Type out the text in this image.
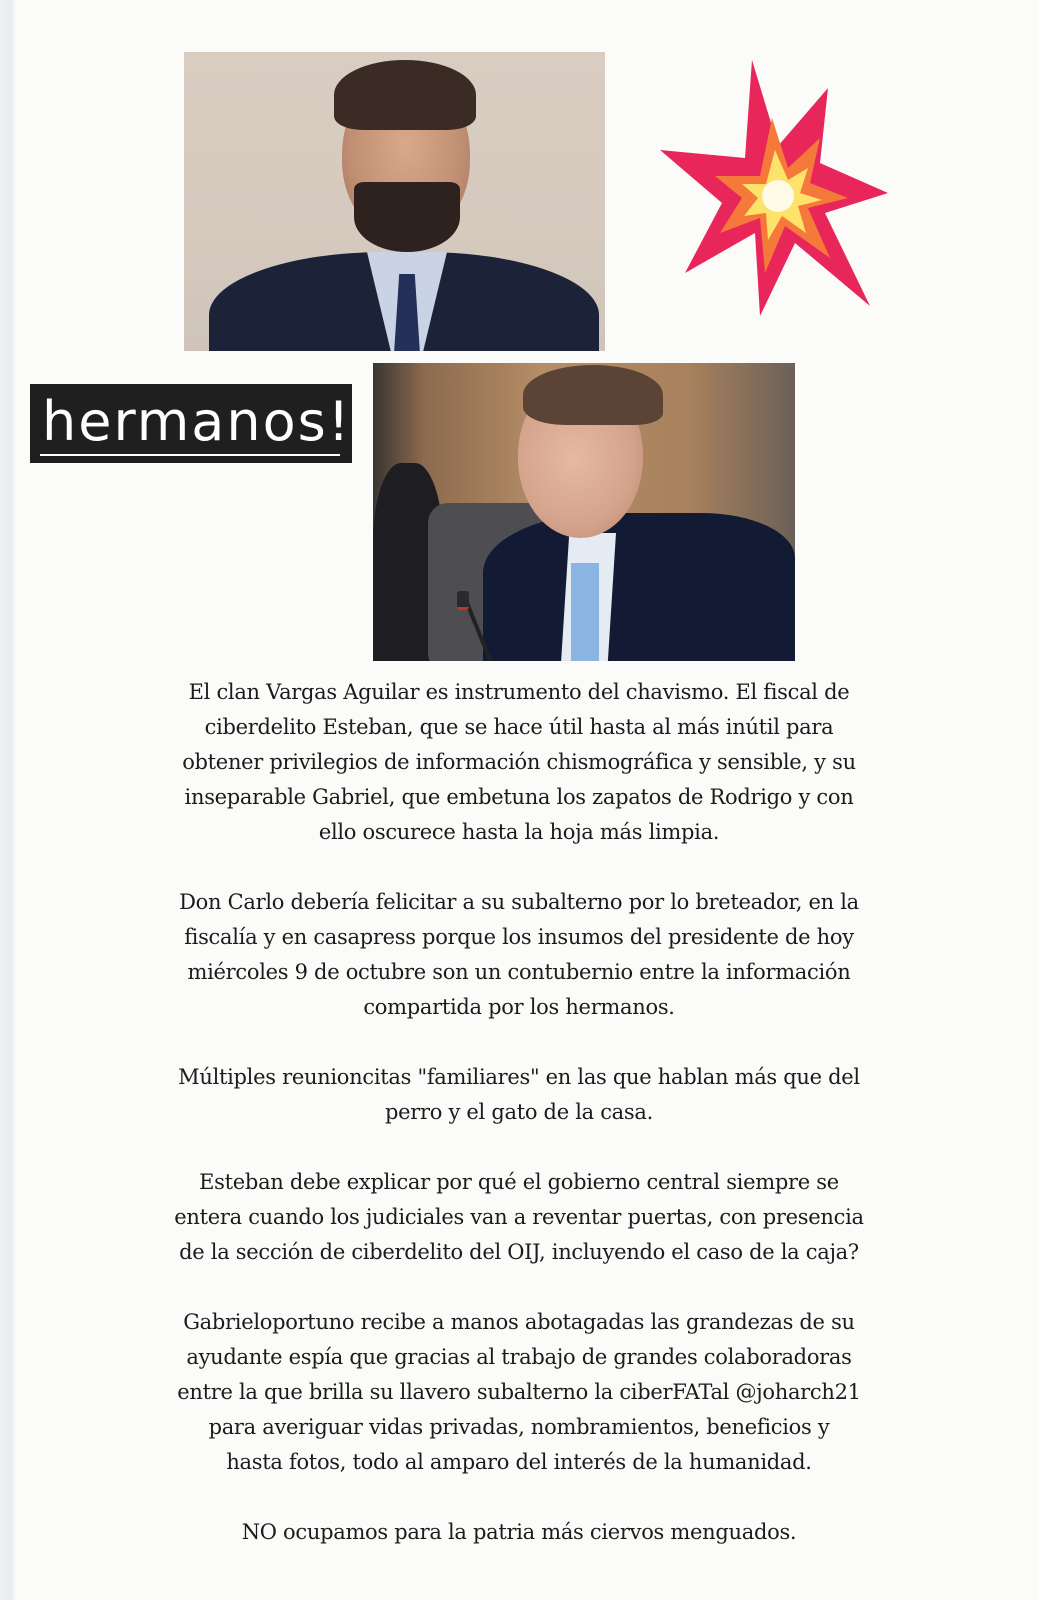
hermanos!

El clan Vargas Aguilar es instrumento del chavismo. El fiscal de
ciberdelito Esteban, que se hace útil hasta al más inútil para
obtener privilegios de información chismográfica y sensible, y su
inseparable Gabriel, que embetuna los zapatos de Rodrigo y con
ello oscurece hasta la hoja más limpia.

Don Carlo debería felicitar a su subalterno por lo breteador, en la
fiscalía y en casapress porque los insumos del presidente de hoy
miércoles 9 de octubre son un contubernio entre la información
compartida por los hermanos.

Múltiples reunioncitas "familiares" en las que hablan más que del
perro y el gato de la casa.

Esteban debe explicar por qué el gobierno central siempre se
entera cuando los judiciales van a reventar puertas, con presencia
de la sección de ciberdelito del OIJ, incluyendo el caso de la caja?

Gabrieloportuno recibe a manos abotagadas las grandezas de su
ayudante espía que gracias al trabajo de grandes colaboradoras
entre la que brilla su llavero subalterno la ciberFATal @joharch21
para averiguar vidas privadas, nombramientos, beneficios y
hasta fotos, todo al amparo del interés de la humanidad.

NO ocupamos para la patria más ciervos menguados.
